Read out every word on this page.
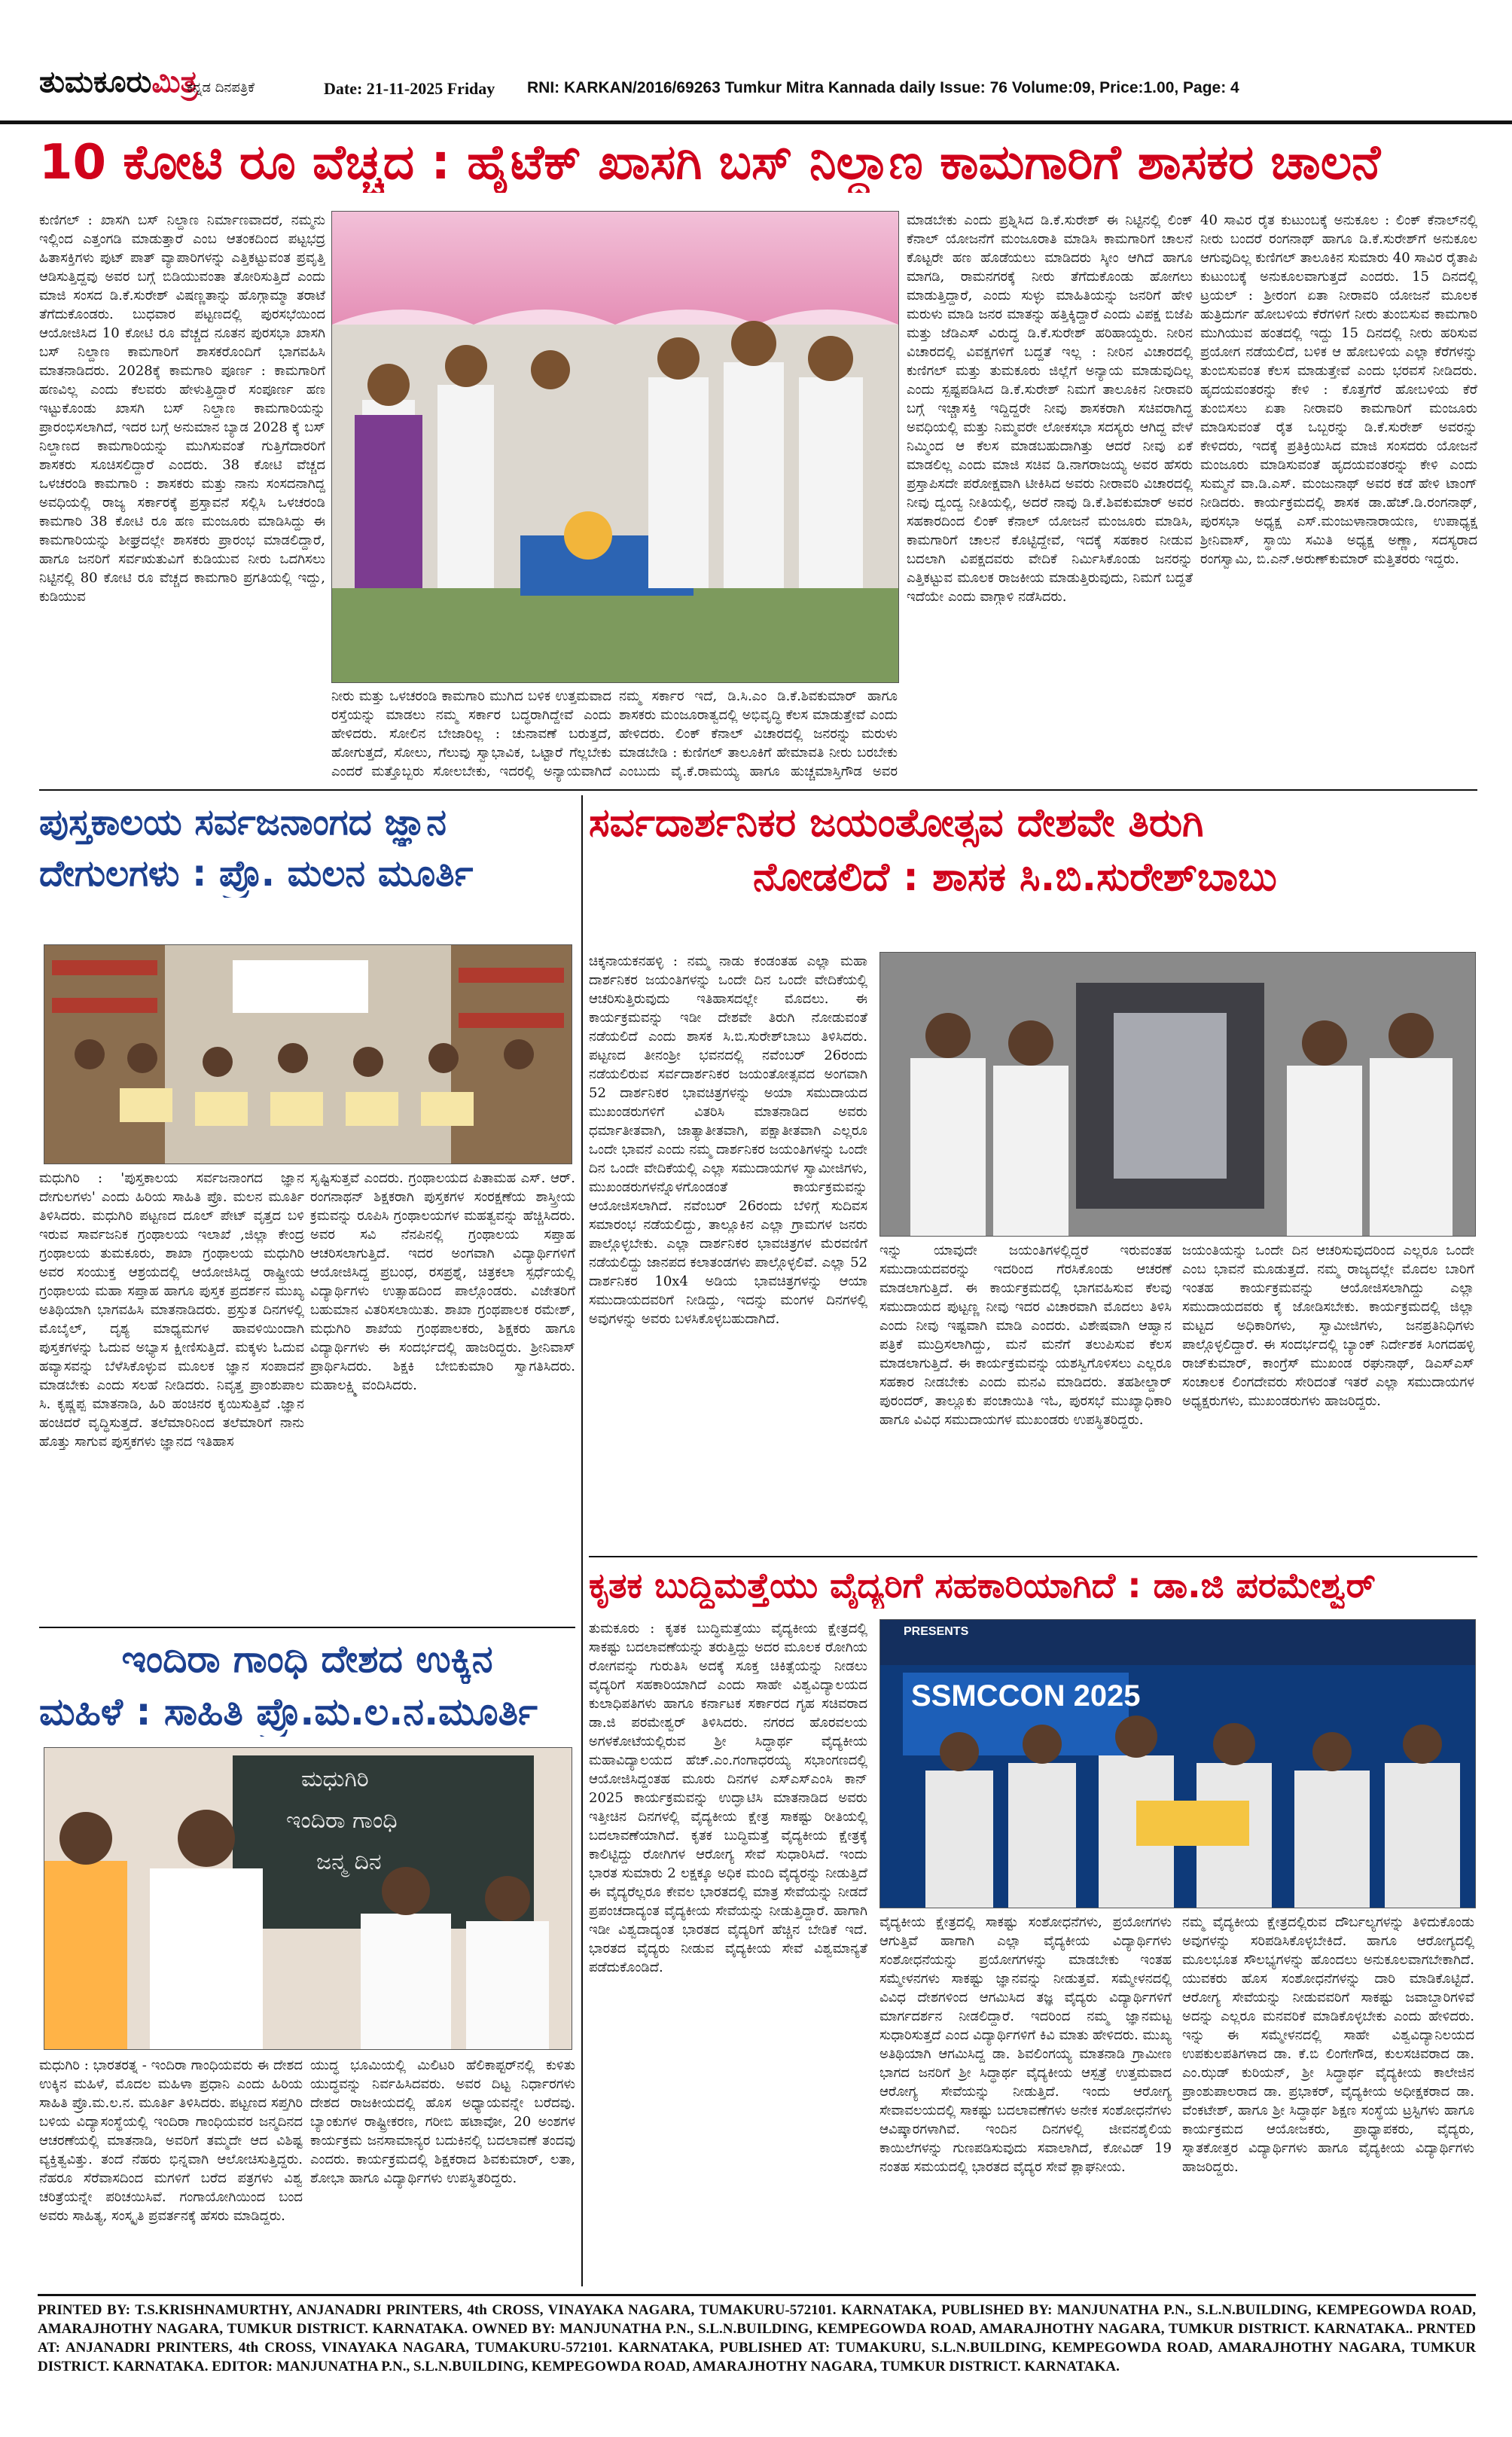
ತುಮಕೂರುಮಿತ್ರ
ಕನ್ನಡ ದಿನಪತ್ರಿಕೆ	Date: 21-11-2025 Friday RNI: KARKAN/2016/69263 Tumkur Mitra Kannada daily Issue: 76 Volume:09, Price:1.00, Page: 4
10 ಕೋಟಿ ರೂ ವೆಚ್ಚದ : ಹೈಟೆಕ್ ಖಾಸಗಿ ಬಸ್ ನಿಲ್ದಾಣ ಕಾಮಗಾರಿಗೆ ಶಾಸಕರ ಚಾಲನೆ
ಕುಣಿಗಲ್ : ಖಾಸಗಿ ಬಸ್ ನಿಲ್ದಾಣ ನಿರ್ಮಾಣವಾದರೆ, ನಮ್ಮನು ಇಲ್ಲಿಂದ ಎತ್ತಂಗಡಿ ಮಾಡುತ್ತಾರೆ ಎಂಬ ಆತಂಕದಿಂದ ಪಟ್ಟಭದ್ರ ಹಿತಾಸಕ್ತಿಗಳು ಪುಟ್ ಪಾತ್ ವ್ಯಾಪಾರಿಗಳನ್ನು ಎತ್ತಿಕಟ್ಟುವಂತ ಪ್ರವೃತ್ತಿ ಆಡಿಸುತ್ತಿದ್ದವು ಅವರ ಬಗ್ಗೆ ಬಿಡಿಯುವಂತಾ ತೋರಿಸುತ್ತಿದೆ ಎಂದು ಮಾಜಿ ಸಂಸದ ಡಿ.ಕೆ.ಸುರೇಶ್ ವಿಷಣ್ಣತಾನ್ನು ಹೊಗ್ಗಾಮ್ಮಾ ತರಾಟೆ ತೆಗೆದುಕೊಂಡರು. ಬುಧವಾರ ಪಟ್ಟಣದಲ್ಲಿ ಪುರಸಭೆಯಿಂದ ಆಯೋಜಿಸಿದ 10 ಕೋಟಿ ರೂ ವೆಚ್ಚದ ನೂತನ ಪುರಸಭಾ ಖಾಸಗಿ ಬಸ್ ನಿಲ್ದಾಣ ಕಾಮಗಾರಿಗೆ ಶಾಸಕರೊಂದಿಗೆ ಭಾಗವಹಿಸಿ ಮಾತನಾಡಿದರು. 2028ಕ್ಕೆ ಕಾಮಗಾರಿ ಪೂರ್ಣ : ಕಾಮಗಾರಿಗೆ ಹಣವಿಲ್ಲ ಎಂದು ಕೆಲವರು ಹೇಳುತ್ತಿದ್ದಾರೆ ಸಂಪೂರ್ಣ ಹಣ ಇಟ್ಟುಕೊಂಡು ಖಾಸಗಿ ಬಸ್ ನಿಲ್ದಾಣ ಕಾಮಗಾರಿಯನ್ನು ಪ್ರಾರಂಭಿಸಲಾಗಿದೆ, ಇದರ ಬಗ್ಗೆ ಅನುಮಾನ ಬ್ಯಾಡ 2028 ಕ್ಕೆ ಬಸ್ ನಿಲ್ದಾಣದ ಕಾಮಗಾರಿಯನ್ನು ಮುಗಿಸುವಂತೆ ಗುತ್ತಿಗೆದಾರರಿಗೆ ಶಾಸಕರು ಸೂಚಿಸಲಿದ್ದಾರೆ ಎಂದರು. 38 ಕೋಟಿ ವೆಚ್ಚದ ಒಳಚರಂಡಿ ಕಾಮಗಾರಿ : ಶಾಸಕರು ಮತ್ತು ನಾನು ಸಂಸದನಾಗಿದ್ದ ಅವಧಿಯಲ್ಲಿ ರಾಜ್ಯ ಸರ್ಕಾರಕ್ಕೆ ಪ್ರಸ್ತಾವನೆ ಸಲ್ಲಿಸಿ ಒಳಚರಂಡಿ ಕಾಮಗಾರಿ 38 ಕೋಟಿ ರೂ ಹಣ ಮಂಜೂರು ಮಾಡಿಸಿದ್ದು ಈ ಕಾಮಗಾರಿಯನ್ನು ಶೀಘ್ರದಲ್ಲೇ ಶಾಸಕರು ಪ್ರಾರಂಭ ಮಾಡಲಿದ್ದಾರೆ, ಹಾಗೂ ಜನರಿಗೆ ಸರ್ವಋತುವಿಗೆ ಕುಡಿಯುವ ನೀರು ಒದಗಿಸಲು ನಿಟ್ಟಿನಲ್ಲಿ 80 ಕೋಟಿ ರೂ ವೆಚ್ಚದ ಕಾಮಗಾರಿ ಪ್ರಗತಿಯಲ್ಲಿ ಇದ್ದು, ಕುಡಿಯುವ
ನೀರು ಮತ್ತು ಒಳಚರಂಡಿ ಕಾಮಗಾರಿ ಮುಗಿದ ಬಳಿಕ ಉತ್ತಮವಾದ ರಸ್ತೆಯನ್ನು ಮಾಡಲು ನಮ್ಮ ಸರ್ಕಾರ ಬದ್ಧರಾಗಿದ್ದೇವೆ ಎಂದು ಹೇಳಿದರು. ಸೋಲಿನ ಬೇಜಾರಿಲ್ಲ : ಚುನಾವಣೆ ಬರುತ್ತದೆ, ಹೋಗುತ್ತದೆ, ಸೋಲು, ಗೆಲುವು ಸ್ವಾಭಾವಿಕ, ಒಟ್ಟಾರೆ ಗೆಲ್ಲಬೇಕು ಎಂದರೆ ಮತ್ತೊಬ್ಬರು ಸೋಲಬೇಕು, ಇದರಲ್ಲಿ ಅನ್ಯಾಯವಾಗಿದೆ
ನಮ್ಮ ಸರ್ಕಾರ ಇದೆ, ಡಿ.ಸಿ.ಎಂ ಡಿ.ಕೆ.ಶಿವಕುಮಾರ್ ಹಾಗೂ ಶಾಸಕರು ಮಂಜೂರಾತ್ವದಲ್ಲಿ ಅಭಿವೃದ್ಧಿ ಕೆಲಸ ಮಾಡುತ್ತೇವೆ ಎಂದು ಹೇಳಿದರು. ಲಿಂಕ್ ಕೆನಾಲ್ ವಿಚಾರದಲ್ಲಿ ಜನರನ್ನು ಮರುಳು ಮಾಡಬೇಡಿ : ಕುಣಿಗಲ್ ತಾಲೂಕಿಗೆ ಹೇಮಾವತಿ ನೀರು ಬರಬೇಕು ಎಂಬುದು ವೈ.ಕೆ.ರಾಮಯ್ಯ ಹಾಗೂ ಹುಚ್ಚಮಾಸ್ತಿಗೌಡ ಅವರ
ಮಾಡಬೇಕು ಎಂದು ಪ್ರಶ್ನಿಸಿದ ಡಿ.ಕೆ.ಸುರೇಶ್ ಈ ನಿಟ್ಟಿನಲ್ಲಿ ಲಿಂಕ್ ಕೆನಾಲ್ ಯೋಜನೆಗೆ ಮಂಜೂರಾತಿ ಮಾಡಿಸಿ ಕಾಮಗಾರಿಗೆ ಚಾಲನೆ ಕೊಟ್ಟರೇ ಹಣ ಹೊಡೆಯಲು ಮಾಡಿದರು ಸ್ಕೀಂ ಆಗಿದೆ ಹಾಗೂ ಮಾಗಡಿ, ರಾಮನಗರಕ್ಕೆ ನೀರು ತೆಗೆದುಕೊಂಡು ಹೋಗಲು ಮಾಡುತ್ತಿದ್ದಾರೆ, ಎಂದು ಸುಳ್ಳು ಮಾಹಿತಿಯನ್ನು ಜನರಿಗೆ ಹೇಳಿ ಮರುಳು ಮಾಡಿ ಜನರ ಮಾತನ್ನು ಹತ್ತಿಕ್ಕಿದ್ದಾರೆ ಎಂದು ವಿಪಕ್ಷ ಬಿಜೆಪಿ ಮತ್ತು ಜೆಡಿಎಸ್ ವಿರುದ್ಧ ಡಿ.ಕೆ.ಸುರೇಶ್ ಹರಿಹಾಯ್ದರು. ನೀರಿನ ವಿಚಾರದಲ್ಲಿ ವಿವಕ್ಷಗಳಿಗೆ ಬದ್ದತೆ ಇಲ್ಲ : ನೀರಿನ ವಿಚಾರದಲ್ಲಿ ಕುಣಿಗಲ್ ಮತ್ತು ತುಮಕೂರು ಜಿಲ್ಲೆಗೆ ಅನ್ಯಾಯ ಮಾಡುವುದಿಲ್ಲ ಎಂದು ಸ್ಪಷ್ಟಪಡಿಸಿದ ಡಿ.ಕೆ.ಸುರೇಶ್ ನಿಮಗೆ ತಾಲೂಕಿನ ನೀರಾವರಿ ಬಗ್ಗೆ ಇಚ್ಚಾಸಕ್ತಿ ಇದ್ದಿದ್ದರೇ ನೀವು ಶಾಸಕರಾಗಿ ಸಚಿವರಾಗಿದ್ದ ಅವಧಿಯಲ್ಲಿ ಮತ್ತು ನಿಮ್ಮವರೇ ಲೋಕಸಭಾ ಸದಸ್ಯರು ಆಗಿದ್ದ ವೇಳೆ ನಿಮ್ಮಿಂದ ಆ ಕೆಲಸ ಮಾಡಬಹುದಾಗಿತ್ತು ಆದರೆ ನೀವು ಏಕೆ ಮಾಡಲಿಲ್ಲ ಎಂದು ಮಾಜಿ ಸಚಿವ ಡಿ.ನಾಗರಾಜಯ್ಯ ಅವರ ಹೆಸರು ಪ್ರಸ್ತಾಪಿಸದೇ ಪರೋಕ್ಷವಾಗಿ ಟೀಕಿಸಿದ ಅವರು ನೀರಾವರಿ ವಿಚಾರದಲ್ಲಿ ನೀವು ದ್ವಂದ್ವ ನೀತಿಯಲ್ಲಿ, ಅದರೆ ನಾವು ಡಿ.ಕೆ.ಶಿವಕುಮಾರ್ ಅವರ ಸಹಕಾರದಿಂದ ಲಿಂಕ್ ಕೆನಾಲ್ ಯೋಜನೆ ಮಂಜೂರು ಮಾಡಿಸಿ, ಕಾಮಗಾರಿಗೆ ಚಾಲನೆ ಕೊಟ್ಟಿದ್ದೇವೆ, ಇದಕ್ಕೆ ಸಹಕಾರ ನೀಡುವ ಬದಲಾಗಿ ವಿಪಕ್ಷದವರು ವೇದಿಕೆ ನಿರ್ಮಿಸಿಕೊಂಡು ಜನರನ್ನು ಎತ್ತಿಕಟ್ಟುವ ಮೂಲಕ ರಾಜಕೀಯ ಮಾಡುತ್ತಿರುವುದು, ನಿಮಗೆ ಬದ್ದತೆ ಇದೆಯೇ ಎಂದು ವಾಗ್ಗಾಳಿ ನಡೆಸಿದರು.
40 ಸಾವಿರ ರೈತ ಕುಟುಂಬಕ್ಕೆ ಅನುಕೂಲ : ಲಿಂಕ್ ಕೆನಾಲ್‌ನಲ್ಲಿ ನೀರು ಬಂದರೆ ರಂಗನಾಥ್ ಹಾಗೂ ಡಿ.ಕೆ.ಸುರೇಶ್‌ಗೆ ಅನುಕೂಲ ಆಗುವುದಿಲ್ಲ ಕುಣಿಗಲ್ ತಾಲೂಕಿನ ಸುಮಾರು 40 ಸಾವಿರ ರೈತಾಪಿ ಕುಟುಂಬಕ್ಕೆ ಅನುಕೂಲವಾಗುತ್ತದೆ ಎಂದರು. 15 ದಿನದಲ್ಲಿ ಟ್ರಯಲ್ : ಶ್ರೀರಂಗ ಏತಾ ನೀರಾವರಿ ಯೋಜನೆ ಮೂಲಕ ಹುತ್ರಿದುರ್ಗ ಹೋಬಳಿಯ ಕೆರೆಗಳಿಗೆ ನೀರು ತುಂಬಿಸುವ ಕಾಮಗಾರಿ ಮುಗಿಯುವ ಹಂತದಲ್ಲಿ ಇದ್ದು 15 ದಿನದಲ್ಲಿ ನೀರು ಹರಿಸುವ ಪ್ರಯೋಗ ನಡೆಯಲಿದೆ, ಬಳಿಕ ಆ ಹೋಬಳಿಯ ಎಲ್ಲಾ ಕೆರೆಗಳನ್ನು ತುಂಬಿಸುವಂತ ಕೆಲಸ ಮಾಡುತ್ತೇವೆ ಎಂದು ಭರವಸೆ ನೀಡಿದರು. ಹೃದಯವಂತರನ್ನು ಕೇಳಿ : ಕೊತ್ತಗೆರೆ ಹೋಬಳಿಯ ಕೆರೆ ತುಂಬಿಸಲು ಏತಾ ನೀರಾವರಿ ಕಾಮಗಾರಿಗೆ ಮಂಜೂರು ಮಾಡಿಸುವಂತೆ ರೈತ ಒಬ್ಬರನ್ನು ಡಿ.ಕೆ.ಸುರೇಶ್ ಅವರನ್ನು ಕೇಳಿದರು, ಇದಕ್ಕೆ ಪ್ರತಿಕ್ರಿಯಿಸಿದ ಮಾಜಿ ಸಂಸದರು ಯೋಜನೆ ಮಂಜೂರು ಮಾಡಿಸುವಂತೆ ಹೃದಯವಂತರನ್ನು ಕೇಳಿ ಎಂದು ಸುಮ್ಮನೆ ವಾ.ಡಿ.ಎಸ್. ಮಂಜುನಾಥ್ ಅವರ ಕಡೆ ಹೇಳಿ ಟಾಂಗ್ ನೀಡಿದರು. ಕಾರ್ಯಕ್ರಮದಲ್ಲಿ ಶಾಸಕ ಡಾ.ಹೆಚ್.ಡಿ.ರಂಗನಾಥ್, ಪುರಸಭಾ ಅಧ್ಯಕ್ಷ ಎಸ್.ಮಂಜುಳಾನಾರಾಯಣ, ಉಪಾಧ್ಯಕ್ಷ ಶ್ರೀನಿವಾಸ್, ಸ್ಥಾಯಿ ಸಮಿತಿ ಅಧ್ಯಕ್ಷ ಅಣ್ಣಾ, ಸದಸ್ಯರಾದ ರಂಗಸ್ವಾಮಿ, ಬಿ.ಎನ್.ಅರುಣ್‌ಕುಮಾರ್ ಮತ್ತಿತರರು ಇದ್ದರು.
ಪುಸ್ತಕಾಲಯ ಸರ್ವಜನಾಂಗದ ಜ್ಞಾನ
ದೇಗುಲಗಳು : ಪ್ರೊ. ಮಲನ ಮೂರ್ತಿ
ಮಧುಗಿರಿ : 'ಪುಸ್ತಕಾಲಯ ಸರ್ವಜನಾಂಗದ ಜ್ಞಾನ ದೇಗುಲಗಳು' ಎಂದು ಹಿರಿಯ ಸಾಹಿತಿ ಪ್ರೊ. ಮಲನ ಮೂರ್ತಿ ತಿಳಿಸಿದರು. ಮಧುಗಿರಿ ಪಟ್ಟಣದ ದೂಲ್ ಪೇಟ್ ವೃತ್ತದ ಬಳಿ ಇರುವ ಸಾರ್ವಜನಿಕ ಗ್ರಂಥಾಲಯ ಇಲಾಖೆ ,ಜಿಲ್ಲಾ ಕೇಂದ್ರ ಗ್ರಂಥಾಲಯ ತುಮಕೂರು, ಶಾಖಾ ಗ್ರಂಥಾಲಯ ಮಧುಗಿರಿ ಅವರ ಸಂಯುಕ್ತ ಆಶ್ರಯದಲ್ಲಿ ಆಯೋಜಿಸಿದ್ದ ರಾಷ್ಟ್ರೀಯ ಗ್ರಂಥಾಲಯ ಮಹಾ ಸಪ್ತಾಹ ಹಾಗೂ ಪುಸ್ತಕ ಪ್ರದರ್ಶನ ಮುಖ್ಯ ಅತಿಥಿಯಾಗಿ ಭಾಗವಹಿಸಿ ಮಾತನಾಡಿದರು. ಪ್ರಸ್ತುತ ದಿನಗಳಲ್ಲಿ ಮೊಬೈಲ್, ದೃಶ್ಯ ಮಾಧ್ಯಮಗಳ ಹಾವಳಿಯಿಂದಾಗಿ ಪುಸ್ತಕಗಳನ್ನು ಓದುವ ಅಭ್ಯಾಸ ಕ್ಷೀಣಿಸುತ್ತಿದೆ. ಮಕ್ಕಳು ಓದುವ ಹವ್ಯಾಸವನ್ನು ಬೆಳೆಸಿಕೊಳ್ಳುವ ಮೂಲಕ ಜ್ಞಾನ ಸಂಪಾದನೆ ಮಾಡಬೇಕು ಎಂದು ಸಲಹೆ ನೀಡಿದರು. ನಿವೃತ್ತ ಪ್ರಾಂಶುಪಾಲ ಸಿ. ಕೃಷ್ಣಪ್ಪ ಮಾತನಾಡಿ, ಹಿರಿ ಹಂಚಿನರ ಕೃಯಿಸುತ್ತಿವೆ .ಜ್ಞಾನ ಹಂಚಿದರೆ ವೃದ್ಧಿಸುತ್ತದೆ. ತಲೆಮಾರಿನಿಂದ ತಲೆಮಾರಿಗೆ ನಾನು ಹೊತ್ತು ಸಾಗುವ ಪುಸ್ತಕಗಳು ಜ್ಞಾನದ ಇತಿಹಾಸ
ಸೃಷ್ಟಿಸುತ್ತವೆ ಎಂದರು. ಗ್ರಂಥಾಲಯದ ಪಿತಾಮಹ ಎಸ್. ಆರ್. ರಂಗನಾಥನ್ ಶಿಕ್ಷಕರಾಗಿ ಪುಸ್ತಕಗಳ ಸಂರಕ್ಷಣೆಯ ಶಾಸ್ತ್ರೀಯ ಕ್ರಮವನ್ನು ರೂಪಿಸಿ ಗ್ರಂಥಾಲಯಗಳ ಮಹತ್ವವನ್ನು ಹೆಚ್ಚಿಸಿದರು. ಅವರ ಸವಿ ನೆನಪಿನಲ್ಲಿ ಗ್ರಂಥಾಲಯ ಸಪ್ತಾಹ ಆಚರಿಸಲಾಗುತ್ತಿದೆ. ಇದರ ಅಂಗವಾಗಿ ವಿದ್ಯಾರ್ಥಿಗಳಿಗೆ ಆಯೋಜಿಸಿದ್ದ ಪ್ರಬಂಧ, ರಸಪ್ರಶ್ನೆ, ಚಿತ್ರಕಲಾ ಸ್ಪರ್ಧೆಯಲ್ಲಿ ವಿದ್ಯಾರ್ಥಿಗಳು ಉತ್ಸಾಹದಿಂದ ಪಾಲ್ಗೊಂಡರು. ವಿಜೇತರಿಗೆ ಬಹುಮಾನ ವಿತರಿಸಲಾಯಿತು. ಶಾಖಾ ಗ್ರಂಥಪಾಲಕ ರಮೇಶ್, ಮಧುಗಿರಿ ಶಾಖೆಯ ಗ್ರಂಥಪಾಲಕರು, ಶಿಕ್ಷಕರು ಹಾಗೂ ವಿದ್ಯಾರ್ಥಿಗಳು ಈ ಸಂದರ್ಭದಲ್ಲಿ ಹಾಜರಿದ್ದರು. ಶ್ರೀನಿವಾಸ್ ಪ್ರಾರ್ಥಿಸಿದರು. ಶಿಕ್ಷಕಿ ಬೇಬಿಕುಮಾರಿ ಸ್ವಾಗತಿಸಿದರು. ಮಹಾಲಕ್ಷ್ಮಿ ವಂದಿಸಿದರು.
ಇಂದಿರಾ ಗಾಂಧಿ ದೇಶದ ಉಕ್ಕಿನ
ಮಹಿಳೆ : ಸಾಹಿತಿ ಪ್ರೊ.ಮ.ಲ.ನ.ಮೂರ್ತಿ
ಮಧುಗಿರಿ
ಇಂದಿರಾ ಗಾಂಧಿ
ಜನ್ಮ ದಿನ
ಮಧುಗಿರಿ : ಭಾರತರತ್ನ - ಇಂದಿರಾ ಗಾಂಧಿಯವರು ಈ ದೇಶದ ಉಕ್ಕಿನ ಮಹಿಳೆ, ಮೊದಲ ಮಹಿಳಾ ಪ್ರಧಾನಿ ಎಂದು ಹಿರಿಯ ಸಾಹಿತಿ ಪ್ರೊ.ಮ.ಲ.ನ. ಮೂರ್ತಿ ತಿಳಿಸಿದರು. ಪಟ್ಟಣದ ಸಪ್ತಗಿರಿ ಬಳಿಯ ವಿದ್ಯಾಸಂಸ್ಥೆಯಲ್ಲಿ ಇಂದಿರಾ ಗಾಂಧಿಯವರ ಜನ್ಮದಿನದ ಆಚರಣೆಯಲ್ಲಿ ಮಾತನಾಡಿ, ಅವರಿಗೆ ತಮ್ಮದೇ ಆದ ವಿಶಿಷ್ಟ ವ್ಯಕ್ತಿತ್ವವಿತ್ತು. ತಂದೆ ನೆಹರು ಭಿನ್ನವಾಗಿ ಆಲೋಚಿಸುತ್ತಿದ್ದರು. ನೆಹರೂ ಸೆರೆವಾಸದಿಂದ ಮಗಳಿಗೆ ಬರೆದ ಪತ್ರಗಳು ವಿಶ್ವ ಚರಿತ್ರೆಯನ್ನೇ ಪರಿಚಯಿಸಿವೆ. ಗಂಗಾಯೋಗಿಯಿಂದ ಬಂದ ಅವರು ಸಾಹಿತ್ಯ, ಸಂಸ್ಕೃತಿ ಪ್ರವರ್ತನಕ್ಕೆ ಹೆಸರು ಮಾಡಿದ್ದರು.
ಯುದ್ಧ ಭೂಮಿಯಲ್ಲಿ ಮಿಲಿಟರಿ ಹೆಲಿಕಾಪ್ಟರ್‌ನಲ್ಲಿ ಕುಳಿತು ಯುದ್ಧವನ್ನು ನಿರ್ವಹಿಸಿದವರು. ಅವರ ದಿಟ್ಟ ನಿರ್ಧಾರಗಳು ದೇಶದ ರಾಜಕೀಯದಲ್ಲಿ ಹೊಸ ಅಧ್ಯಾಯವನ್ನೇ ಬರೆದವು. ಬ್ಯಾಂಕುಗಳ ರಾಷ್ಟ್ರೀಕರಣ, ಗರೀಬಿ ಹಟಾವೋ, 20 ಅಂಶಗಳ ಕಾರ್ಯಕ್ರಮ ಜನಸಾಮಾನ್ಯರ ಬದುಕಿನಲ್ಲಿ ಬದಲಾವಣೆ ತಂದವು ಎಂದರು. ಕಾರ್ಯಕ್ರಮದಲ್ಲಿ ಶಿಕ್ಷಕರಾದ ಶಿವಕುಮಾರ್, ಲತಾ, ಶೋಭಾ ಹಾಗೂ ವಿದ್ಯಾರ್ಥಿಗಳು ಉಪಸ್ಥಿತರಿದ್ದರು.
ಸರ್ವದಾರ್ಶನಿಕರ ಜಯಂತೋತ್ಸವ ದೇಶವೇ ತಿರುಗಿ
ನೋಡಲಿದೆ : ಶಾಸಕ ಸಿ.ಬಿ.ಸುರೇಶ್‌ಬಾಬು
ಚಿಕ್ಕನಾಯಕನಹಳ್ಳಿ : ನಮ್ಮ ನಾಡು ಕಂಡಂತಹ ಎಲ್ಲಾ ಮಹಾ ದಾರ್ಶನಿಕರ ಜಯಂತಿಗಳನ್ನು ಒಂದೇ ದಿನ ಒಂದೇ ವೇದಿಕೆಯಲ್ಲಿ ಆಚರಿಸುತ್ತಿರುವುದು ಇತಿಹಾಸದಲ್ಲೇ ಮೊದಲು. ಈ ಕಾರ್ಯಕ್ರಮವನ್ನು ಇಡೀ ದೇಶವೇ ತಿರುಗಿ ನೋಡುವಂತೆ ನಡೆಯಲಿದೆ ಎಂದು ಶಾಸಕ ಸಿ.ಬಿ.ಸುರೇಶ್‌ಬಾಬು ತಿಳಿಸಿದರು. ಪಟ್ಟಣದ ತೀನಂಶ್ರೀ ಭವನದಲ್ಲಿ ನವೆಂಬರ್ 26ರಂದು ನಡೆಯಲಿರುವ ಸರ್ವದಾರ್ಶನಿಕರ ಜಯಂತೋತ್ಸವದ ಅಂಗವಾಗಿ 52 ದಾರ್ಶನಿಕರ ಭಾವಚಿತ್ರಗಳನ್ನು ಅಯಾ ಸಮುದಾಯದ ಮುಖಂಡರುಗಳಿಗೆ ವಿತರಿಸಿ ಮಾತನಾಡಿದ ಅವರು ಧರ್ಮಾತೀತವಾಗಿ, ಜಾತ್ಯಾತೀತವಾಗಿ, ಪಕ್ಷಾತೀತವಾಗಿ ಎಲ್ಲರೂ ಒಂದೇ ಭಾವನೆ ಎಂದು ನಮ್ಮ ದಾರ್ಶನಿಕರ ಜಯಂತಿಗಳನ್ನು ಒಂದೇ ದಿನ ಒಂದೇ ವೇದಿಕೆಯಲ್ಲಿ ಎಲ್ಲಾ ಸಮುದಾಯಗಳ ಸ್ವಾಮೀಜಿಗಳು, ಮುಖಂಡರುಗಳನ್ನೊಳಗೊಂಡಂತೆ ಕಾರ್ಯಕ್ರಮವನ್ನು ಆಯೋಜಿಸಲಾಗಿದೆ. ನವೆಂಬರ್ 26ರಂದು ಬೆಳಿಗ್ಗೆ ಸುದಿವಸ ಸಮಾರಂಭ ನಡೆಯಲಿದ್ದು, ತಾಲ್ಲೂಕಿನ ಎಲ್ಲಾ ಗ್ರಾಮಗಳ ಜನರು ಪಾಲ್ಗೊಳ್ಳಬೇಕು. ಎಲ್ಲಾ ದಾರ್ಶನಿಕರ ಭಾವಚಿತ್ರಗಳ ಮೆರವಣಿಗೆ ನಡೆಯಲಿದ್ದು ಜಾನಪದ ಕಲಾತಂಡಗಳು ಪಾಲ್ಗೊಳ್ಳಲಿವೆ. ಎಲ್ಲಾ 52 ದಾರ್ಶನಿಕರ 10x4 ಅಡಿಯ ಭಾವಚಿತ್ರಗಳನ್ನು ಆಯಾ ಸಮುದಾಯದವರಿಗೆ ನೀಡಿದ್ದು, ಇದನ್ನು ಮಂಗಳ ದಿನಗಳಲ್ಲಿ ಅವುಗಳನ್ನು ಅವರು ಬಳಸಿಕೊಳ್ಳಬಹುದಾಗಿದೆ.
ಇನ್ನು ಯಾವುದೇ ಜಯಂತಿಗಳಲ್ಲಿದ್ದರೆ ಇರುವಂತಹ ಸಮುದಾಯದವರನ್ನು ಇದರಿಂದ ಗೆರಸಿಕೊಂಡು ಆಚರಣೆ ಮಾಡಲಾಗುತ್ತಿದೆ. ಈ ಕಾರ್ಯಕ್ರಮದಲ್ಲಿ ಭಾಗವಹಿಸುವ ಕೆಲವು ಸಮುದಾಯದ ಪುಟ್ಟಣ್ಣ ನೀವು ಇದರ ವಿಚಾರವಾಗಿ ಮೊದಲು ತಿಳಿಸಿ ಎಂದು ನೀವು ಇಷ್ಟವಾಗಿ ಮಾಡಿ ಎಂದರು. ವಿಶೇಷವಾಗಿ ಆಹ್ವಾನ ಪತ್ರಿಕೆ ಮುದ್ರಿಸಲಾಗಿದ್ದು, ಮನೆ ಮನೆಗೆ ತಲುಪಿಸುವ ಕೆಲಸ ಮಾಡಲಾಗುತ್ತಿದೆ. ಈ ಕಾರ್ಯಕ್ರಮವನ್ನು ಯಶಸ್ವಿಗೊಳಿಸಲು ಎಲ್ಲರೂ ಸಹಕಾರ ನೀಡಬೇಕು ಎಂದು ಮನವಿ ಮಾಡಿದರು. ತಹಶೀಲ್ದಾರ್ ಪುರಂದರ್, ತಾಲ್ಲೂಕು ಪಂಚಾಯಿತಿ ಇಓ, ಪುರಸಭೆ ಮುಖ್ಯಾಧಿಕಾರಿ ಹಾಗೂ ವಿವಿಧ ಸಮುದಾಯಗಳ ಮುಖಂಡರು ಉಪಸ್ಥಿತರಿದ್ದರು.
ಜಯಂತಿಯನ್ನು ಒಂದೇ ದಿನ ಆಚರಿಸುವುದರಿಂದ ಎಲ್ಲರೂ ಒಂದೇ ಎಂಬ ಭಾವನೆ ಮೂಡುತ್ತದೆ. ನಮ್ಮ ರಾಜ್ಯದಲ್ಲೇ ಮೊದಲ ಬಾರಿಗೆ ಇಂತಹ ಕಾರ್ಯಕ್ರಮವನ್ನು ಆಯೋಜಿಸಲಾಗಿದ್ದು ಎಲ್ಲಾ ಸಮುದಾಯದವರು ಕೈ ಜೋಡಿಸಬೇಕು. ಕಾರ್ಯಕ್ರಮದಲ್ಲಿ ಜಿಲ್ಲಾ ಮಟ್ಟದ ಅಧಿಕಾರಿಗಳು, ಸ್ವಾಮೀಜಿಗಳು, ಜನಪ್ರತಿನಿಧಿಗಳು ಪಾಲ್ಗೊಳ್ಳಲಿದ್ದಾರೆ. ಈ ಸಂದರ್ಭದಲ್ಲಿ ಬ್ಯಾಂಕ್ ನಿರ್ದೇಶಕ ಸಿಂಗದಹಳ್ಳಿ ರಾಜ್‌ಕುಮಾರ್, ಕಾಂಗ್ರೆಸ್ ಮುಖಂಡ ರಘುನಾಥ್, ಡಿಎಸ್ಎಸ್ ಸಂಚಾಲಕ ಲಿಂಗದೇವರು ಸೇರಿದಂತೆ ಇತರೆ ಎಲ್ಲಾ ಸಮುದಾಯಗಳ ಅಧ್ಯಕ್ಷರುಗಳು, ಮುಖಂಡರುಗಳು ಹಾಜರಿದ್ದರು.
ಕೃತಕ ಬುದ್ಧಿಮತ್ತೆಯು ವೈದ್ಯರಿಗೆ ಸಹಕಾರಿಯಾಗಿದೆ : ಡಾ.ಜಿ ಪರಮೇಶ್ವರ್
ತುಮಕೂರು : ಕೃತಕ ಬುದ್ಧಿಮತ್ತೆಯು ವೈದ್ಯಕೀಯ ಕ್ಷೇತ್ರದಲ್ಲಿ ಸಾಕಷ್ಟು ಬದಲಾವಣೆಯನ್ನು ತರುತ್ತಿದ್ದು ಅದರ ಮೂಲಕ ರೋಗಿಯ ರೋಗವನ್ನು ಗುರುತಿಸಿ ಅದಕ್ಕೆ ಸೂಕ್ತ ಚಿಕಿತ್ಸೆಯನ್ನು ನೀಡಲು ವೈದ್ಯರಿಗೆ ಸಹಕಾರಿಯಾಗಿದೆ ಎಂದು ಸಾಹೇ ವಿಶ್ವವಿದ್ಯಾಲಯದ ಕುಲಾಧಿಪತಿಗಳು ಹಾಗೂ ಕರ್ನಾಟಕ ಸರ್ಕಾರದ ಗೃಹ ಸಚಿವರಾದ ಡಾ.ಜಿ ಪರಮೇಶ್ವರ್ ತಿಳಿಸಿದರು. ನಗರದ ಹೊರವಲಯ ಅಗಳಕೋಟೆಯಲ್ಲಿರುವ ಶ್ರೀ ಸಿದ್ಧಾರ್ಥ ವೈದ್ಯಕೀಯ ಮಹಾವಿದ್ಯಾಲಯದ ಹೆಚ್.ಎಂ.ಗಂಗಾಧರಯ್ಯ ಸಭಾಂಗಣದಲ್ಲಿ ಆಯೋಜಿಸಿದ್ದಂತಹ ಮೂರು ದಿನಗಳ ಎಸ್ಎಸ್ಎಂಸಿ ಕಾನ್ 2025 ಕಾರ್ಯಕ್ರಮವನ್ನು ಉದ್ಘಾಟಿಸಿ ಮಾತನಾಡಿದ ಅವರು ಇತ್ತೀಚಿನ ದಿನಗಳಲ್ಲಿ ವೈದ್ಯಕೀಯ ಕ್ಷೇತ್ರ ಸಾಕಷ್ಟು ರೀತಿಯಲ್ಲಿ ಬದಲಾವಣೆಯಾಗಿದೆ. ಕೃತಕ ಬುದ್ಧಿಮತ್ತೆ ವೈದ್ಯಕೀಯ ಕ್ಷೇತ್ರಕ್ಕೆ ಕಾಲಿಟ್ಟಿದ್ದು ರೋಗಿಗಳ ಆರೋಗ್ಯ ಸೇವೆ ಸುಧಾರಿಸಿದೆ. ಇಂದು ಭಾರತ ಸುಮಾರು 2 ಲಕ್ಷಕ್ಕೂ ಅಧಿಕ ಮಂದಿ ವೈದ್ಯರನ್ನು ನೀಡುತ್ತಿದೆ ಈ ವೈದ್ಯರೆಲ್ಲರೂ ಕೇವಲ ಭಾರತದಲ್ಲಿ ಮಾತ್ರ ಸೇವೆಯನ್ನು ನೀಡದೆ ಪ್ರಪಂಚದಾದ್ಯಂತ ವೈದ್ಯಕೀಯ ಸೇವೆಯನ್ನು ನೀಡುತ್ತಿದ್ದಾರೆ. ಹಾಗಾಗಿ ಇಡೀ ವಿಶ್ವದಾದ್ಯಂತ ಭಾರತದ ವೈದ್ಯರಿಗೆ ಹೆಚ್ಚಿನ ಬೇಡಿಕೆ ಇದೆ. ಭಾರತದ ವೈದ್ಯರು ನೀಡುವ ವೈದ್ಯಕೀಯ ಸೇವೆ ವಿಶ್ವಮಾನ್ಯತೆ ಪಡೆದುಕೊಂಡಿದೆ.
PRESENTS
SSMCCON 2025
ವೈದ್ಯಕೀಯ ಕ್ಷೇತ್ರದಲ್ಲಿ ಸಾಕಷ್ಟು ಸಂಶೋಧನೆಗಳು, ಪ್ರಯೋಗಗಳು ಆಗುತ್ತಿವೆ ಹಾಗಾಗಿ ಎಲ್ಲಾ ವೈದ್ಯಕೀಯ ವಿದ್ಯಾರ್ಥಿಗಳು ಸಂಶೋಧನೆಯನ್ನು ಪ್ರಯೋಗಗಳನ್ನು ಮಾಡಬೇಕು ಇಂತಹ ಸಮ್ಮೇಳನಗಳು ಸಾಕಷ್ಟು ಜ್ಞಾನವನ್ನು ನೀಡುತ್ತವೆ. ಸಮ್ಮೇಳನದಲ್ಲಿ ವಿವಿಧ ದೇಶಗಳಿಂದ ಆಗಮಿಸಿದ ತಜ್ಞ ವೈದ್ಯರು ವಿದ್ಯಾರ್ಥಿಗಳಿಗೆ ಮಾರ್ಗದರ್ಶನ ನೀಡಲಿದ್ದಾರೆ. ಇದರಿಂದ ನಮ್ಮ ಜ್ಞಾನಮಟ್ಟ ಸುಧಾರಿಸುತ್ತದೆ ಎಂದ ವಿದ್ಯಾರ್ಥಿಗಳಿಗೆ ಕಿವಿ ಮಾತು ಹೇಳಿದರು. ಮುಖ್ಯ ಅತಿಥಿಯಾಗಿ ಆಗಮಿಸಿದ್ದ ಡಾ. ಶಿವಲಿಂಗಯ್ಯ ಮಾತನಾಡಿ ಗ್ರಾಮೀಣ ಭಾಗದ ಜನರಿಗೆ ಶ್ರೀ ಸಿದ್ಧಾರ್ಥ ವೈದ್ಯಕೀಯ ಆಸ್ಪತ್ರೆ ಉತ್ತಮವಾದ ಆರೋಗ್ಯ ಸೇವೆಯನ್ನು ನೀಡುತ್ತಿದೆ. ಇಂದು ಆರೋಗ್ಯ ಸೇವಾವಲಯದಲ್ಲಿ ಸಾಕಷ್ಟು ಬದಲಾವಣೆಗಳು ಅನೇಕ ಸಂಶೋಧನೆಗಳು ಆವಿಷ್ಕಾರಗಳಾಗಿವೆ. ಇಂದಿನ ದಿನಗಳಲ್ಲಿ ಜೀವನಶೈಲಿಯ ಕಾಯಿಲೆಗಳನ್ನು ಗುಣಪಡಿಸುವುದು ಸವಾಲಾಗಿದೆ, ಕೋವಿಡ್ 19 ನಂತಹ ಸಮಯದಲ್ಲಿ ಭಾರತದ ವೈದ್ಯರ ಸೇವೆ ಶ್ಲಾಘನೀಯ.
ನಮ್ಮ ವೈದ್ಯಕೀಯ ಕ್ಷೇತ್ರದಲ್ಲಿರುವ ದೌರ್ಬಲ್ಯಗಳನ್ನು ತಿಳಿದುಕೊಂಡು ಅವುಗಳನ್ನು ಸರಿಪಡಿಸಿಕೊಳ್ಳಬೇಕಿದೆ. ಹಾಗೂ ಆರೋಗ್ಯದಲ್ಲಿ ಮೂಲಭೂತ ಸೌಲಭ್ಯಗಳನ್ನು ಹೊಂದಲು ಅನುಕೂಲವಾಗಬೇಕಾಗಿದೆ. ಯುವಕರು ಹೊಸ ಸಂಶೋಧನೆಗಳನ್ನು ದಾರಿ ಮಾಡಿಕೊಟ್ಟಿದೆ. ಆರೋಗ್ಯ ಸೇವೆಯನ್ನು ನೀಡುವವರಿಗೆ ಸಾಕಷ್ಟು ಜವಾಬ್ದಾರಿಗಳಿವೆ ಅದನ್ನು ಎಲ್ಲರೂ ಮನವರಿಕೆ ಮಾಡಿಕೊಳ್ಳಬೇಕು ಎಂದು ಹೇಳಿದರು. ಇನ್ನು ಈ ಸಮ್ಮೇಳನದಲ್ಲಿ ಸಾಹೇ ವಿಶ್ವವಿದ್ಯಾನಿಲಯದ ಉಪಕುಲಪತಿಗಳಾದ ಡಾ. ಕೆ.ಬಿ ಲಿಂಗೇಗೌಡ, ಕುಲಸಚಿವರಾದ ಡಾ. ಎಂ.ಝಡ್ ಕುರಿಯನ್, ಶ್ರೀ ಸಿದ್ಧಾರ್ಥ ವೈದ್ಯಕೀಯ ಕಾಲೇಜಿನ ಪ್ರಾಂಶುಪಾಲರಾದ ಡಾ. ಪ್ರಭಾಕರ್, ವೈದ್ಯಕೀಯ ಅಧೀಕ್ಷಕರಾದ ಡಾ. ವೆಂಕಟೇಶ್, ಹಾಗೂ ಶ್ರೀ ಸಿದ್ಧಾರ್ಥ ಶಿಕ್ಷಣ ಸಂಸ್ಥೆಯ ಟ್ರಸ್ಟಿಗಳು ಹಾಗೂ ಕಾರ್ಯಕ್ರಮದ ಆಯೋಜಕರು, ಪ್ರಾಧ್ಯಾಪಕರು, ವೈದ್ಯರು, ಸ್ನಾತಕೋತ್ತರ ವಿದ್ಯಾರ್ಥಿಗಳು ಹಾಗೂ ವೈದ್ಯಕೀಯ ವಿದ್ಯಾರ್ಥಿಗಳು ಹಾಜರಿದ್ದರು.
PRINTED BY: T.S.KRISHNAMURTHY, ANJANADRI PRINTERS, 4th CROSS, VINAYAKA NAGARA, TUMAKURU-572101. KARNATAKA, PUBLISHED BY: MANJUNATHA P.N., S.L.N.BUILDING, KEMPEGOWDA ROAD, AMARAJHOTHY NAGARA, TUMKUR DISTRICT. KARNATAKA. OWNED BY: MANJUNATHA P.N., S.L.N.BUILDING, KEMPEGOWDA ROAD, AMARAJHOTHY NAGARA, TUMKUR DISTRICT. KARNATAKA.. PRNTED AT: ANJANADRI PRINTERS, 4th CROSS, VINAYAKA NAGARA, TUMAKURU-572101. KARNATAKA, PUBLISHED AT: TUMAKURU, S.L.N.BUILDING, KEMPEGOWDA ROAD, AMARAJHOTHY NAGARA, TUMKUR DISTRICT. KARNATAKA. EDITOR: MANJUNATHA P.N., S.L.N.BUILDING, KEMPEGOWDA ROAD, AMARAJHOTHY NAGARA, TUMKUR DISTRICT. KARNATAKA.
